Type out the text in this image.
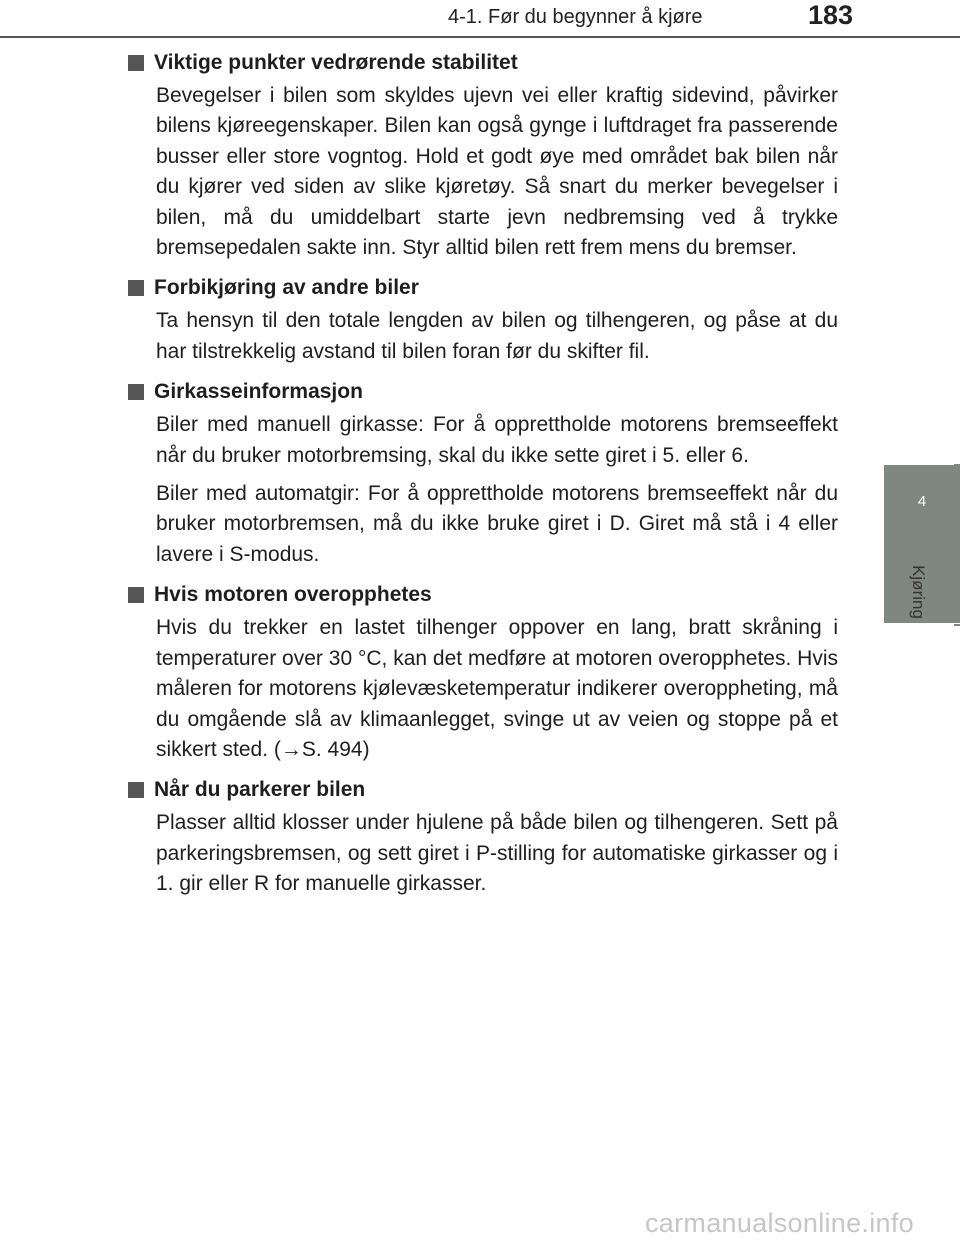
4-1. Før du begynner å kjøre	183
4
Kjøring
Viktige punkter vedrørende stabilitet

Bevegelser i bilen som skyldes ujevn vei eller kraftig sidevind, påvirker bilens kjøreegenskaper. Bilen kan også gynge i luftdraget fra passerende busser eller store vogntog. Hold et godt øye med området bak bilen når du kjører ved siden av slike kjøretøy. Så snart du merker bevegelser i bilen, må du umiddelbart starte jevn nedbremsing ved å trykke bremsepedalen sakte inn. Styr alltid bilen rett frem mens du bremser.

Forbikjøring av andre biler

Ta hensyn til den totale lengden av bilen og tilhengeren, og påse at du har tilstrekkelig avstand til bilen foran før du skifter fil.

Girkasseinformasjon

Biler med manuell girkasse: For å opprettholde motorens bremseeffekt når du bruker motorbremsing, skal du ikke sette giret i 5. eller 6.

Biler med automatgir: For å opprettholde motorens bremseeffekt når du bruker motorbremsen, må du ikke bruke giret i D. Giret må stå i 4 eller lavere i S-modus.

Hvis motoren overopphetes

Hvis du trekker en lastet tilhenger oppover en lang, bratt skråning i temperaturer over 30 °C, kan det medføre at motoren overopphetes. Hvis måleren for motorens kjølevæsketemperatur indikerer overoppheting, må du omgående slå av klimaanlegget, svinge ut av veien og stoppe på et sikkert sted. (→S. 494)

Når du parkerer bilen

Plasser alltid klosser under hjulene på både bilen og tilhengeren. Sett på parkeringsbremsen, og sett giret i P-stilling for automatiske girkasser og i 1. gir eller R for manuelle girkasser.

carmanualsonline.info
